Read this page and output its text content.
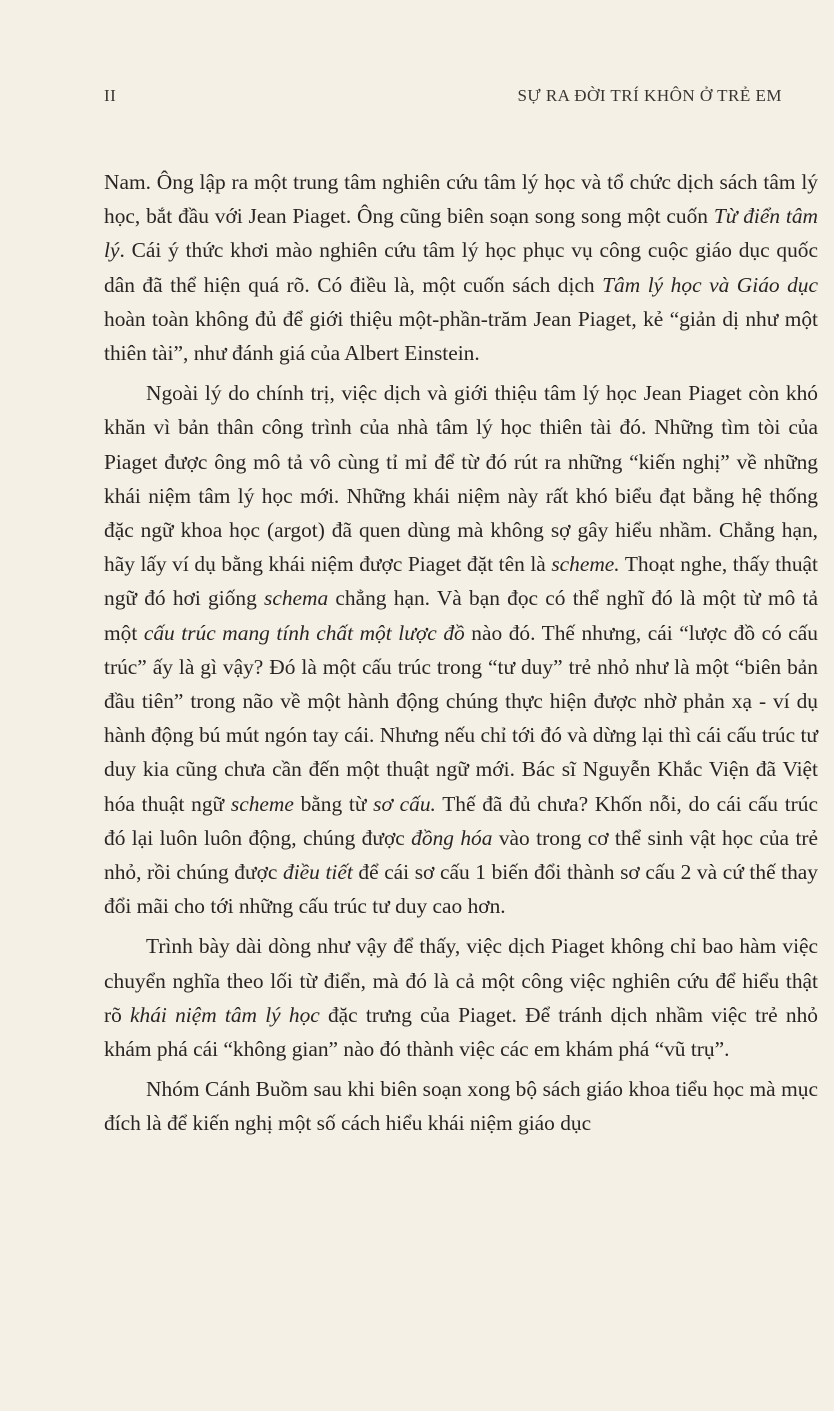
II	SỰ RA ĐỜI TRÍ KHÔN Ở TRẺ EM

Nam. Ông lập ra một trung tâm nghiên cứu tâm lý học và tổ chức dịch sách tâm lý học, bắt đầu với Jean Piaget. Ông cũng biên soạn song song một cuốn Từ điển tâm lý. Cái ý thức khơi mào nghiên cứu tâm lý học phục vụ công cuộc giáo dục quốc dân đã thể hiện quá rõ. Có điều là, một cuốn sách dịch Tâm lý học và Giáo dục hoàn toàn không đủ để giới thiệu một-phần-trăm Jean Piaget, kẻ “giản dị như một thiên tài”, như đánh giá của Albert Einstein.

Ngoài lý do chính trị, việc dịch và giới thiệu tâm lý học Jean Piaget còn khó khăn vì bản thân công trình của nhà tâm lý học thiên tài đó. Những tìm tòi của Piaget được ông mô tả vô cùng tỉ mỉ để từ đó rút ra những “kiến nghị” về những khái niệm tâm lý học mới. Những khái niệm này rất khó biểu đạt bằng hệ thống đặc ngữ khoa học (argot) đã quen dùng mà không sợ gây hiểu nhầm. Chẳng hạn, hãy lấy ví dụ bằng khái niệm được Piaget đặt tên là scheme. Thoạt nghe, thấy thuật ngữ đó hơi giống schema chẳng hạn. Và bạn đọc có thể nghĩ đó là một từ mô tả một cấu trúc mang tính chất một lược đồ nào đó. Thế nhưng, cái “lược đồ có cấu trúc” ấy là gì vậy? Đó là một cấu trúc trong “tư duy” trẻ nhỏ như là một “biên bản đầu tiên” trong não về một hành động chúng thực hiện được nhờ phản xạ - ví dụ hành động bú mút ngón tay cái. Nhưng nếu chỉ tới đó và dừng lại thì cái cấu trúc tư duy kia cũng chưa cần đến một thuật ngữ mới. Bác sĩ Nguyễn Khắc Viện đã Việt hóa thuật ngữ scheme bằng từ sơ cấu. Thế đã đủ chưa? Khốn nỗi, do cái cấu trúc đó lại luôn luôn động, chúng được đồng hóa vào trong cơ thể sinh vật học của trẻ nhỏ, rồi chúng được điều tiết để cái sơ cấu 1 biến đổi thành sơ cấu 2 và cứ thế thay đổi mãi cho tới những cấu trúc tư duy cao hơn.

Trình bày dài dòng như vậy để thấy, việc dịch Piaget không chỉ bao hàm việc chuyển nghĩa theo lối từ điển, mà đó là cả một công việc nghiên cứu để hiểu thật rõ khái niệm tâm lý học đặc trưng của Piaget. Để tránh dịch nhầm việc trẻ nhỏ khám phá cái “không gian” nào đó thành việc các em khám phá “vũ trụ”.

Nhóm Cánh Buồm sau khi biên soạn xong bộ sách giáo khoa tiểu học mà mục đích là để kiến nghị một số cách hiểu khái niệm giáo dục
